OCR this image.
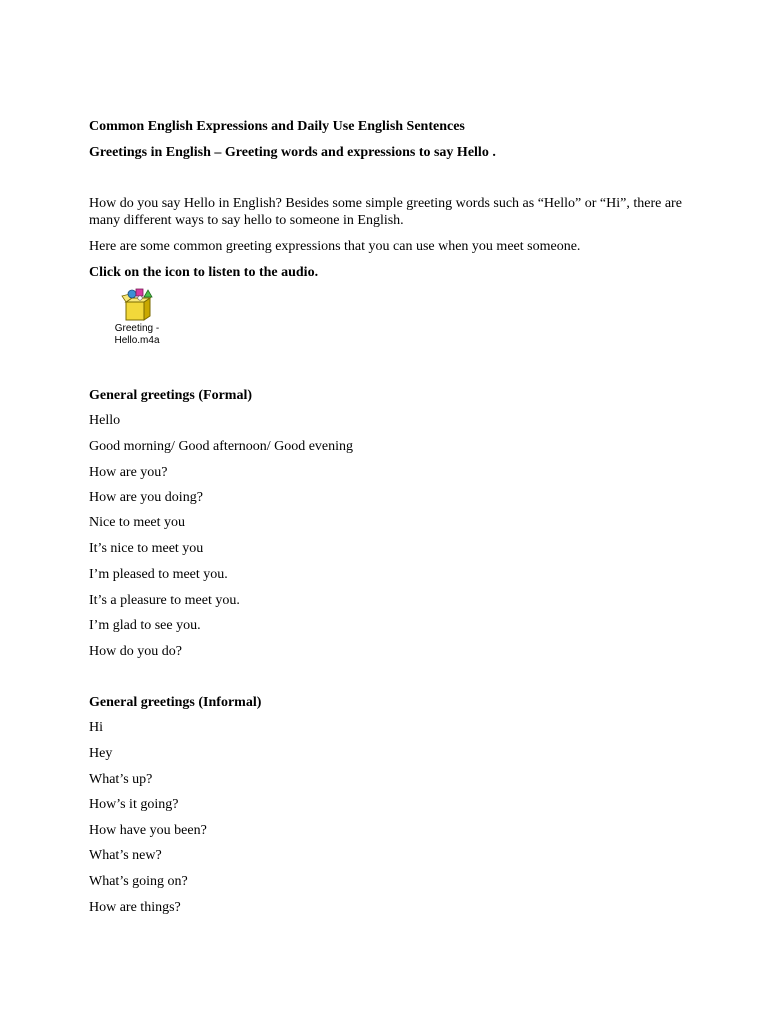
Common English Expressions and Daily Use English Sentences
Greetings in English – Greeting words and expressions to say Hello .
How do you say Hello in English? Besides some simple greeting words such as “Hello” or “Hi”, there are many different ways to say hello to someone in English.
Here are some common greeting expressions that you can use when you meet someone.
Click on the icon to listen to the audio.
Greeting -
Hello.m4a
General greetings (Formal)
Hello
Good morning/ Good afternoon/ Good evening
How are you?
How are you doing?
Nice to meet you
It’s nice to meet you
I’m pleased to meet you.
It’s a pleasure to meet you.
I’m glad to see you.
How do you do?
General greetings (Informal)
Hi
Hey
What’s up?
How’s it going?
How have you been?
What’s new?
What’s going on?
How are things?
